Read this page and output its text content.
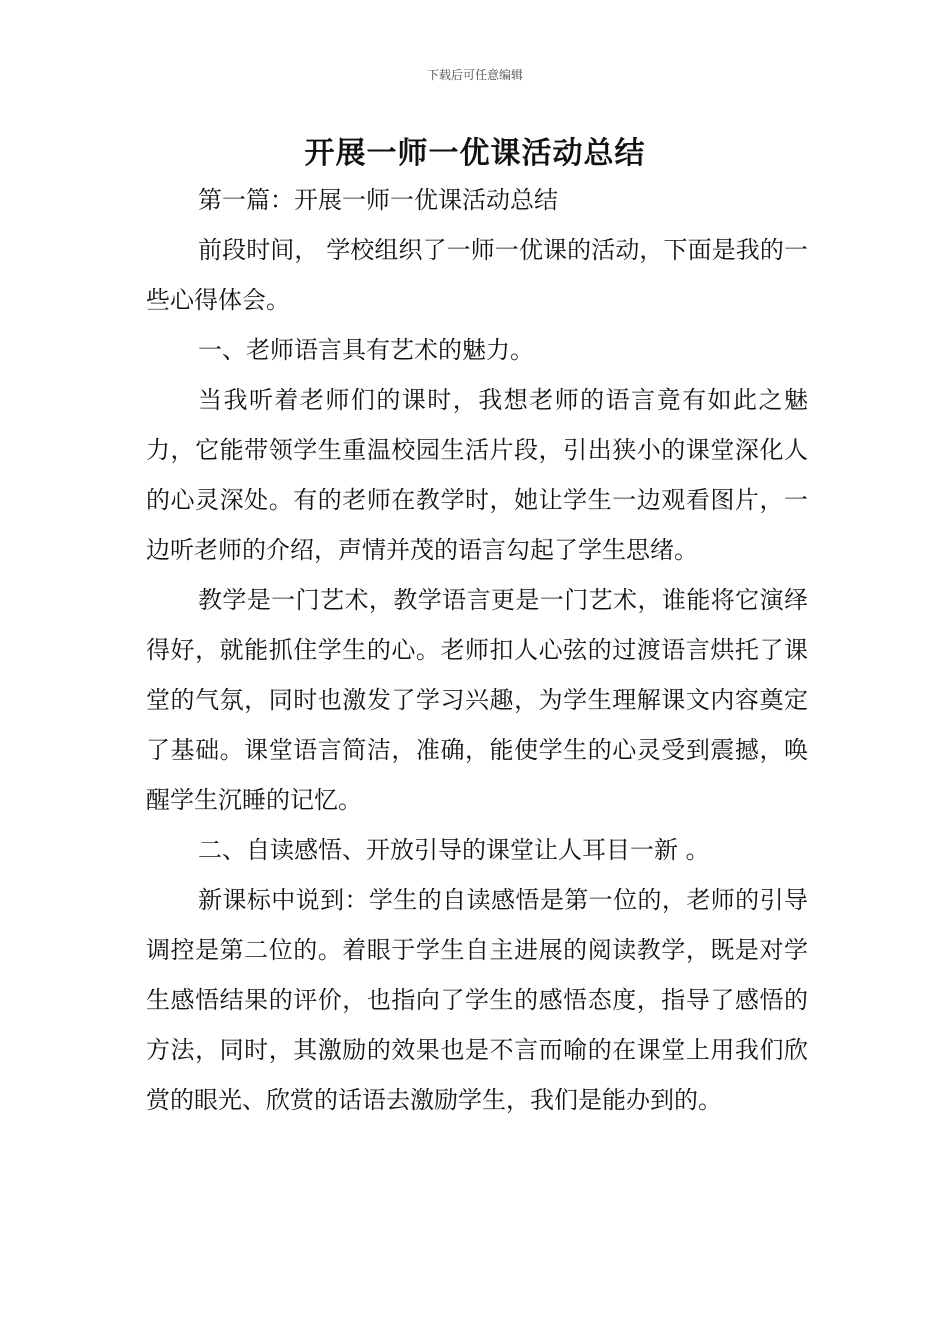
下载后可任意编辑
开展一师一优课活动总结

第一篇：开展一师一优课活动总结

前段时间， 学校组织了一师一优课的活动，下面是我的一些心得体会。

一、老师语言具有艺术的魅力。

当我听着老师们的课时，我想老师的语言竟有如此之魅力，它能带领学生重温校园生活片段，引出狭小的课堂深化人的心灵深处。有的老师在教学时，她让学生一边观看图片，一边听老师的介绍，声情并茂的语言勾起了学生思绪。

教学是一门艺术，教学语言更是一门艺术，谁能将它演绎得好，就能抓住学生的心。老师扣人心弦的过渡语言烘托了课堂的气氛，同时也激发了学习兴趣，为学生理解课文内容奠定了基础。课堂语言简洁，准确，能使学生的心灵受到震撼，唤醒学生沉睡的记忆。

二、自读感悟、开放引导的课堂让人耳目一新 。

新课标中说到：学生的自读感悟是第一位的，老师的引导调控是第二位的。着眼于学生自主进展的阅读教学，既是对学生感悟结果的评价，也指向了学生的感悟态度，指导了感悟的方法，同时，其激励的效果也是不言而喻的在课堂上用我们欣赏的眼光、欣赏的话语去激励学生，我们是能办到的。
